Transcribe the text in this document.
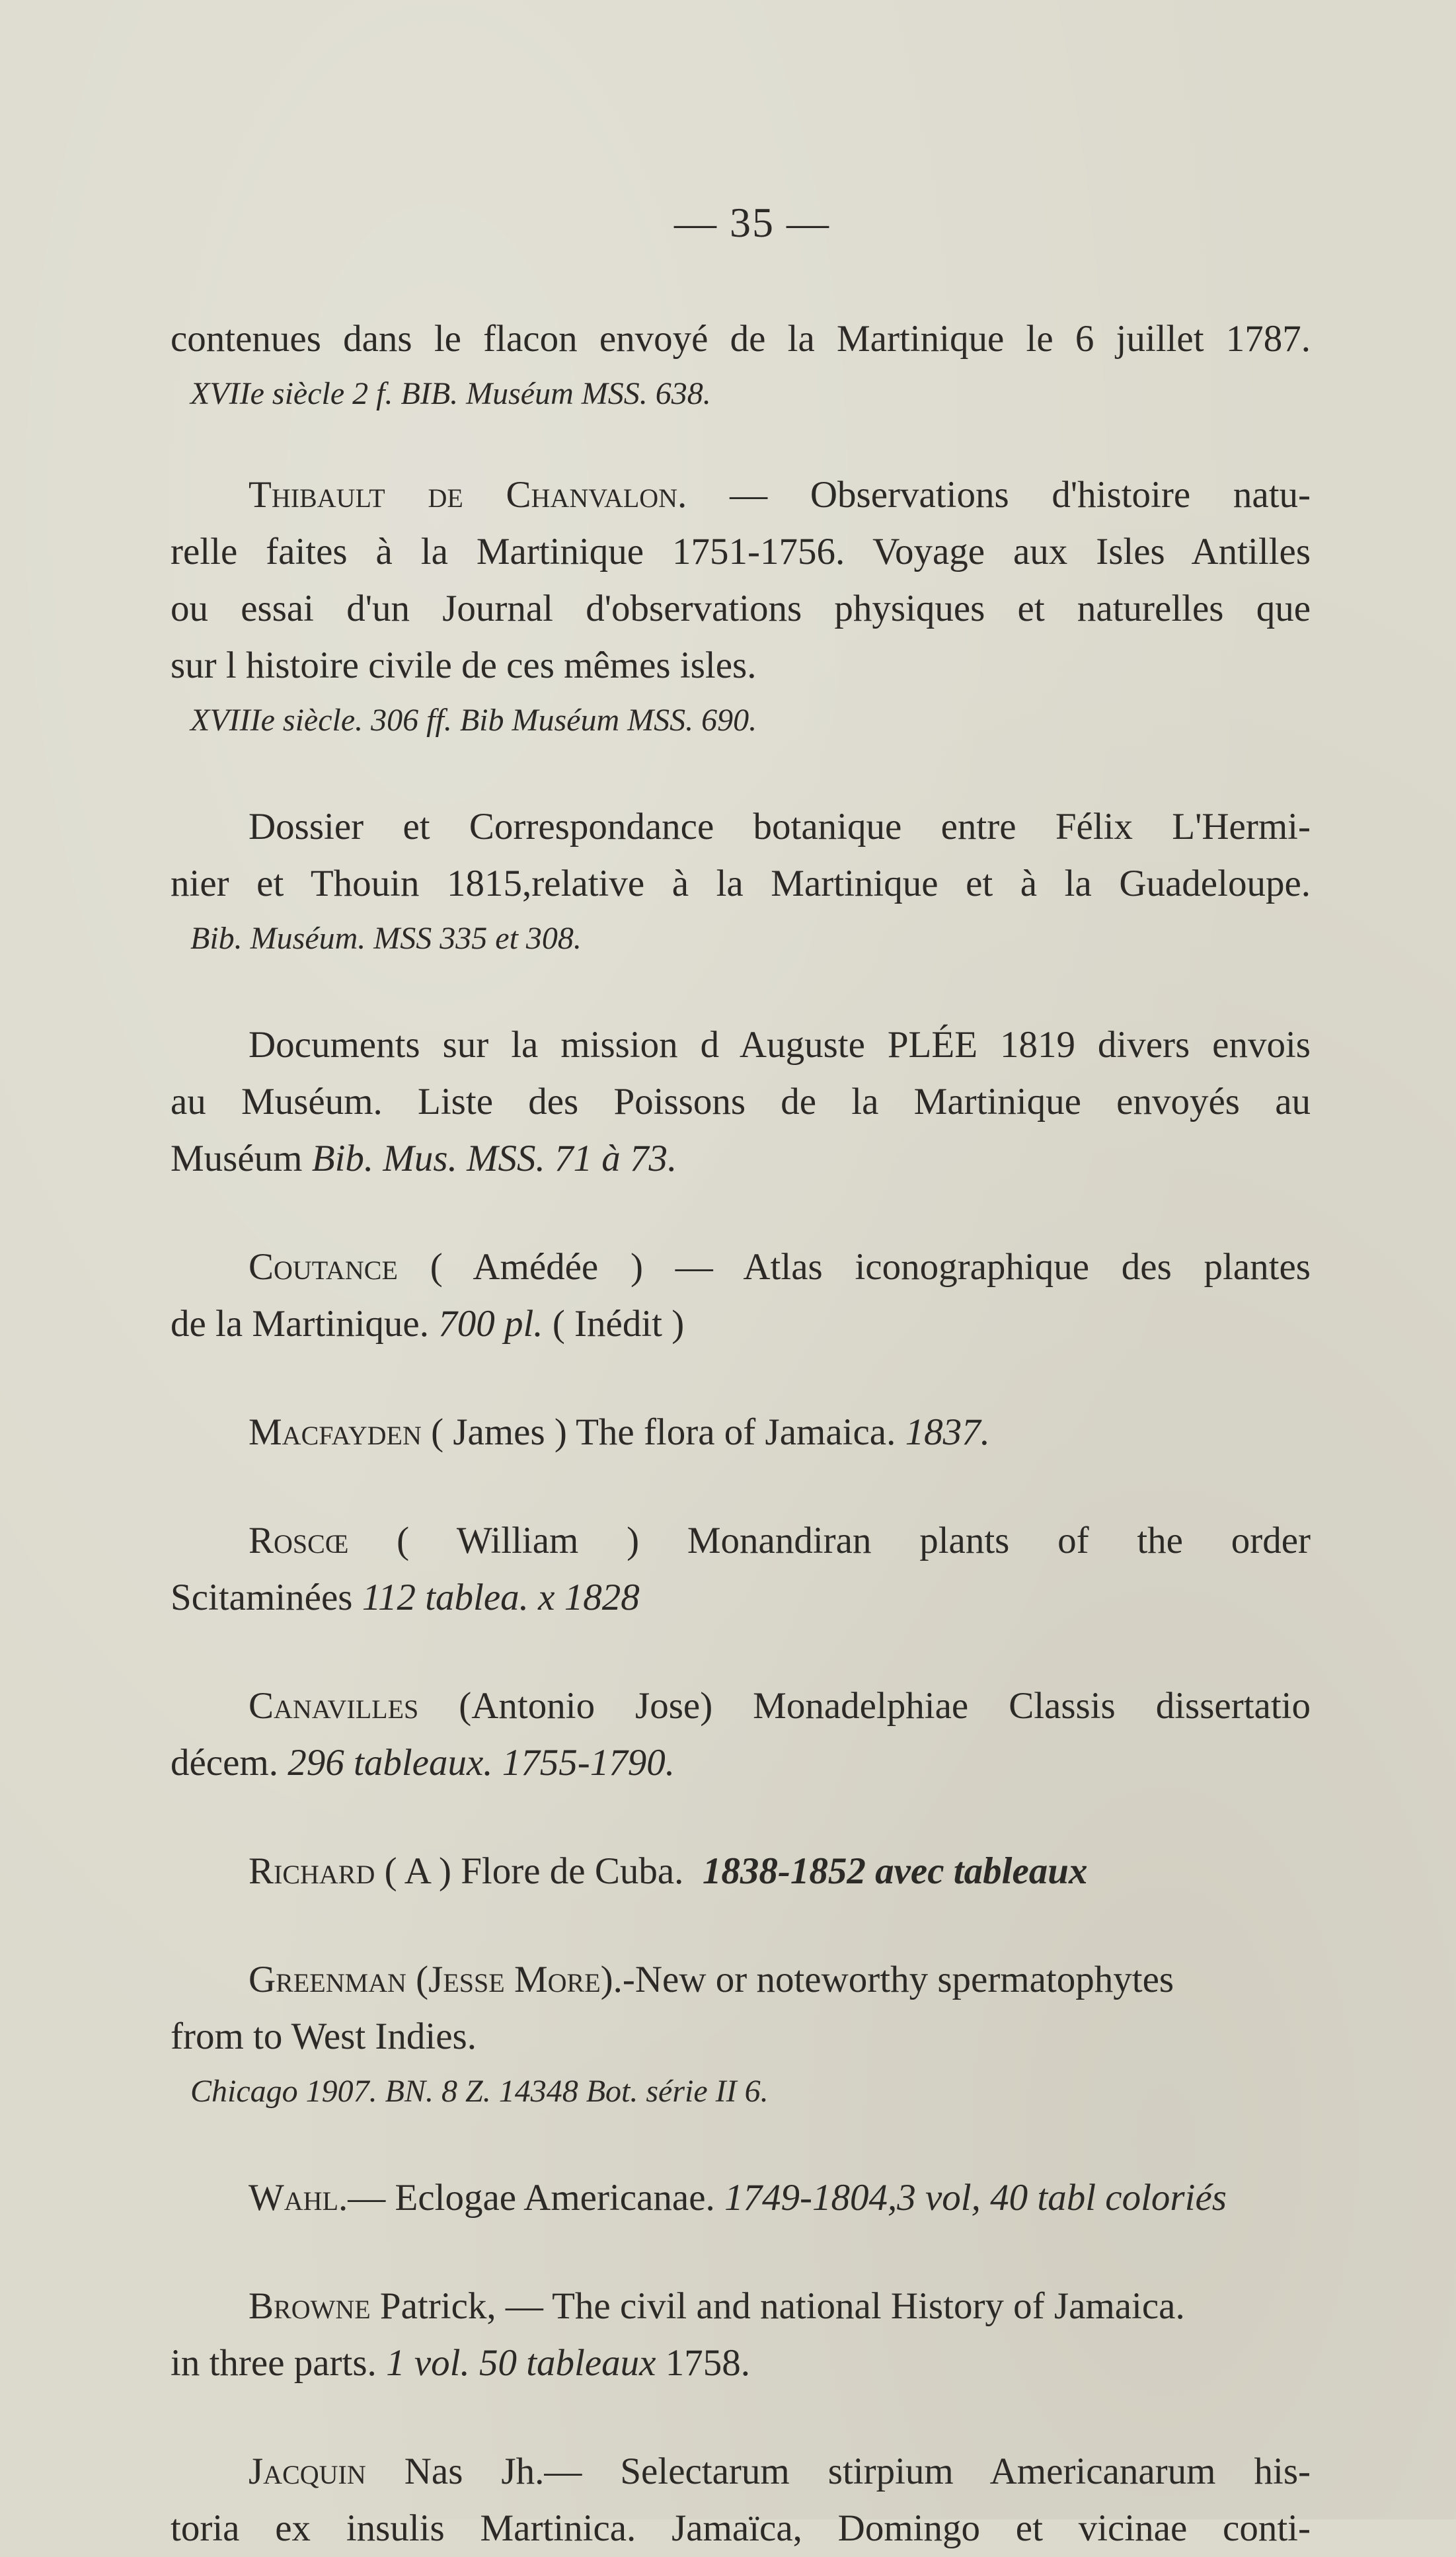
— 35 —
contenues dans le flacon envoyé de la Martinique le 6 juillet 1787.
XVIIe siècle 2 f. BIB. Muséum MSS. 638.
Thibault de Chanvalon. — Observations d'histoire natu-
relle faites à la Martinique 1751-1756. Voyage aux Isles Antilles
ou essai d'un Journal d'observations physiques et naturelles que
sur l histoire civile de ces mêmes isles.
XVIIIe siècle. 306 ff. Bib Muséum MSS. 690.
Dossier et Correspondance botanique entre Félix L'Hermi-
nier et Thouin 1815,relative à la Martinique et à la Guadeloupe.
Bib. Muséum. MSS 335 et 308.
Documents sur la mission d Auguste PLÉE 1819 divers envois
au Muséum. Liste des Poissons de la Martinique envoyés au
Muséum Bib. Mus. MSS. 71 à 73.
Coutance ( Amédée ) — Atlas iconographique des plantes
de la Martinique. 700 pl. ( Inédit )
Macfayden ( James ) The flora of Jamaica. 1837.
Roscœ ( William ) Monandiran plants of the order
Scitaminées 112 tablea. x 1828
Canavilles (Antonio Jose) Monadelphiae Classis dissertatio
décem. 296 tableaux. 1755-1790.
Richard ( A ) Flore de Cuba. 1838-1852 avec tableaux
Greenman (Jesse More).-New or noteworthy spermatophytes
from to West Indies.
Chicago 1907. BN. 8 Z. 14348 Bot. série II 6.
Wahl.— Eclogae Americanae. 1749-1804,3 vol, 40 tabl coloriés
Browne Patrick, — The civil and national History of Jamaica.
in three parts. 1 vol. 50 tableaux 1758.
Jacquin Nas Jh.— Selectarum stirpium Americanarum his-
toria ex insulis Martinica. Jamaïca, Domingo et vicinae conti-
